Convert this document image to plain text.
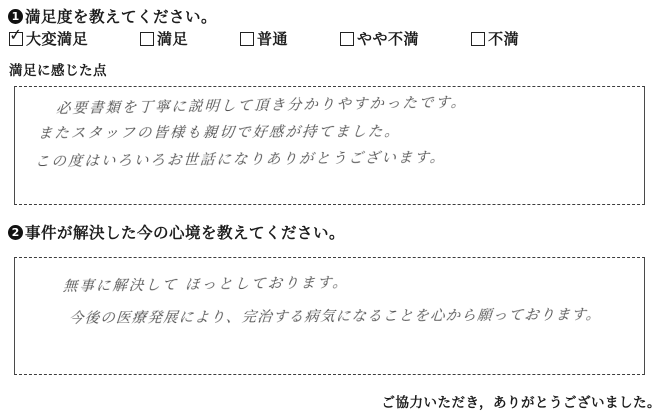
1 満足度を教えてください。
✓ 大変満足	満足	普通	やや不満	不満
満足に感じた点
必要書類を丁寧に説明して頂き分かりやすかったです。
またスタッフの皆様も親切で好感が持てました。
この度はいろいろお世話になりありがとうございます。
2 事件が解決した今の心境を教えてください。
無事に解決して ほっとしております。
今後の医療発展により、完治する病気になることを心から願っております。
ご協力いただき，ありがとうございました。
